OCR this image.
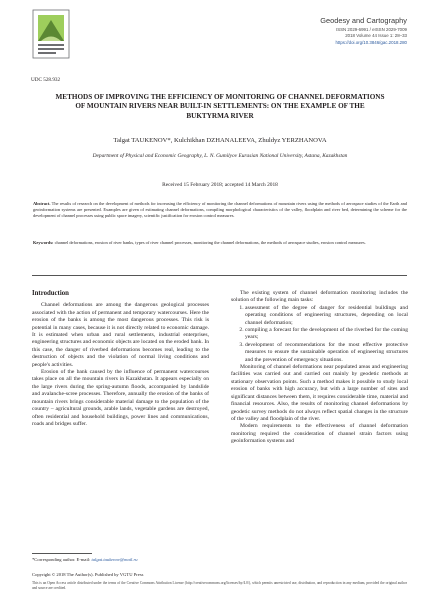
Geodesy and Cartography
ISSN 2029-6991 / eISSN 2029-7009
2018 Volume 44 Issue 1: 28–33
https://doi.org/10.3846/gac.2018.280
UDC 528.932
METHODS OF IMPROVING THE EFFICIENCY OF MONITORING OF CHANNEL DEFORMATIONS OF MOUNTAIN RIVERS NEAR BUILT-IN SETTLEMENTS: ON THE EXAMPLE OF THE BUKTYRMA RIVER
Talgat TAUKENOV*, Kulchikhan DZHANALEEVA, Zhuldyz YERZHANOVA
Department of Physical and Economic Geography, L. N. Gumilyov Eurasian National University, Astana, Kazakhstan
Received 15 February 2018; accepted 14 March 2018
Abstract. The results of research on the development of methods for increasing the efficiency of monitoring the channel deformations of mountain rivers using the methods of aerospace studies of the Earth and geoinformation systems are presented. Examples are given of estimating channel deformations, compiling morphological characteristics of the valley, floodplain and river bed, determining the scheme for the development of channel processes using public space imagery, scientific justification for erosion control measures.
Keywords: channel deformations, erosion of river banks, types of river channel processes, monitoring the channel deformations, the methods of aerospace studies, erosion control measures.
Introduction

Channel deformations are among the dangerous geological processes associated with the action of permanent and temporary watercourses. Here the erosion of the banks is among the most dangerous processes. This risk is potential in many cases, because it is not directly related to economic damage. It is estimated when urban and rural settlements, industrial enterprises, engineering structures and economic objects are located on the eroded bank. In this case, the danger of riverbed deformations becomes real, leading to the destruction of objects and the violation of normal living conditions and people's activities.

Erosion of the bank caused by the influence of permanent watercourses takes place on all the mountain rivers in Kazakhstan. It appears especially on the large rivers during the spring-autumn floods, accompanied by landslide and avalanche-scree processes. Therefore, annually the erosion of the banks of mountain rivers brings considerable material damage to the population of the country – agricultural grounds, arable lands, vegetable gardens are destroyed, often residential and household buildings, power lines and communications, roads and bridges suffer.

The existing system of channel deformation monitoring includes the solution of the following main tasks:

1. assessment of the degree of danger for residential buildings and operating conditions of engineering structures, depending on local channel deformation;
2. compiling a forecast for the development of the riverbed for the coming years;
3. development of recommendations for the most effective protective measures to ensure the sustainable operation of engineering structures and the prevention of emergency situations.

Monitoring of channel deformations near populated areas and engineering facilities was carried out and carried out mainly by geodetic methods at stationary observation points. Such a method makes it possible to study local erosion of banks with high accuracy, but with a large number of sites and significant distances between them, it requires considerable time, material and financial resources. Also, the results of monitoring channel deformations by geodetic survey methods do not always reflect spatial changes in the structure of the valley and floodplain of the river.

Modern requirements to the effectiveness of channel deformation monitoring required the consideration of channel strain factors using geoinformation systems and

*Corresponding author. E-mail: talgat.taukenov@mail.ru
Copyright © 2018 The Author(s). Published by VGTU Press
This is an Open Access article distributed under the terms of the Creative Commons Attribution License (http://creativecommons.org/licenses/by/4.0/), which permits unrestricted use, distribution, and reproduction in any medium, provided the original author and source are credited.
